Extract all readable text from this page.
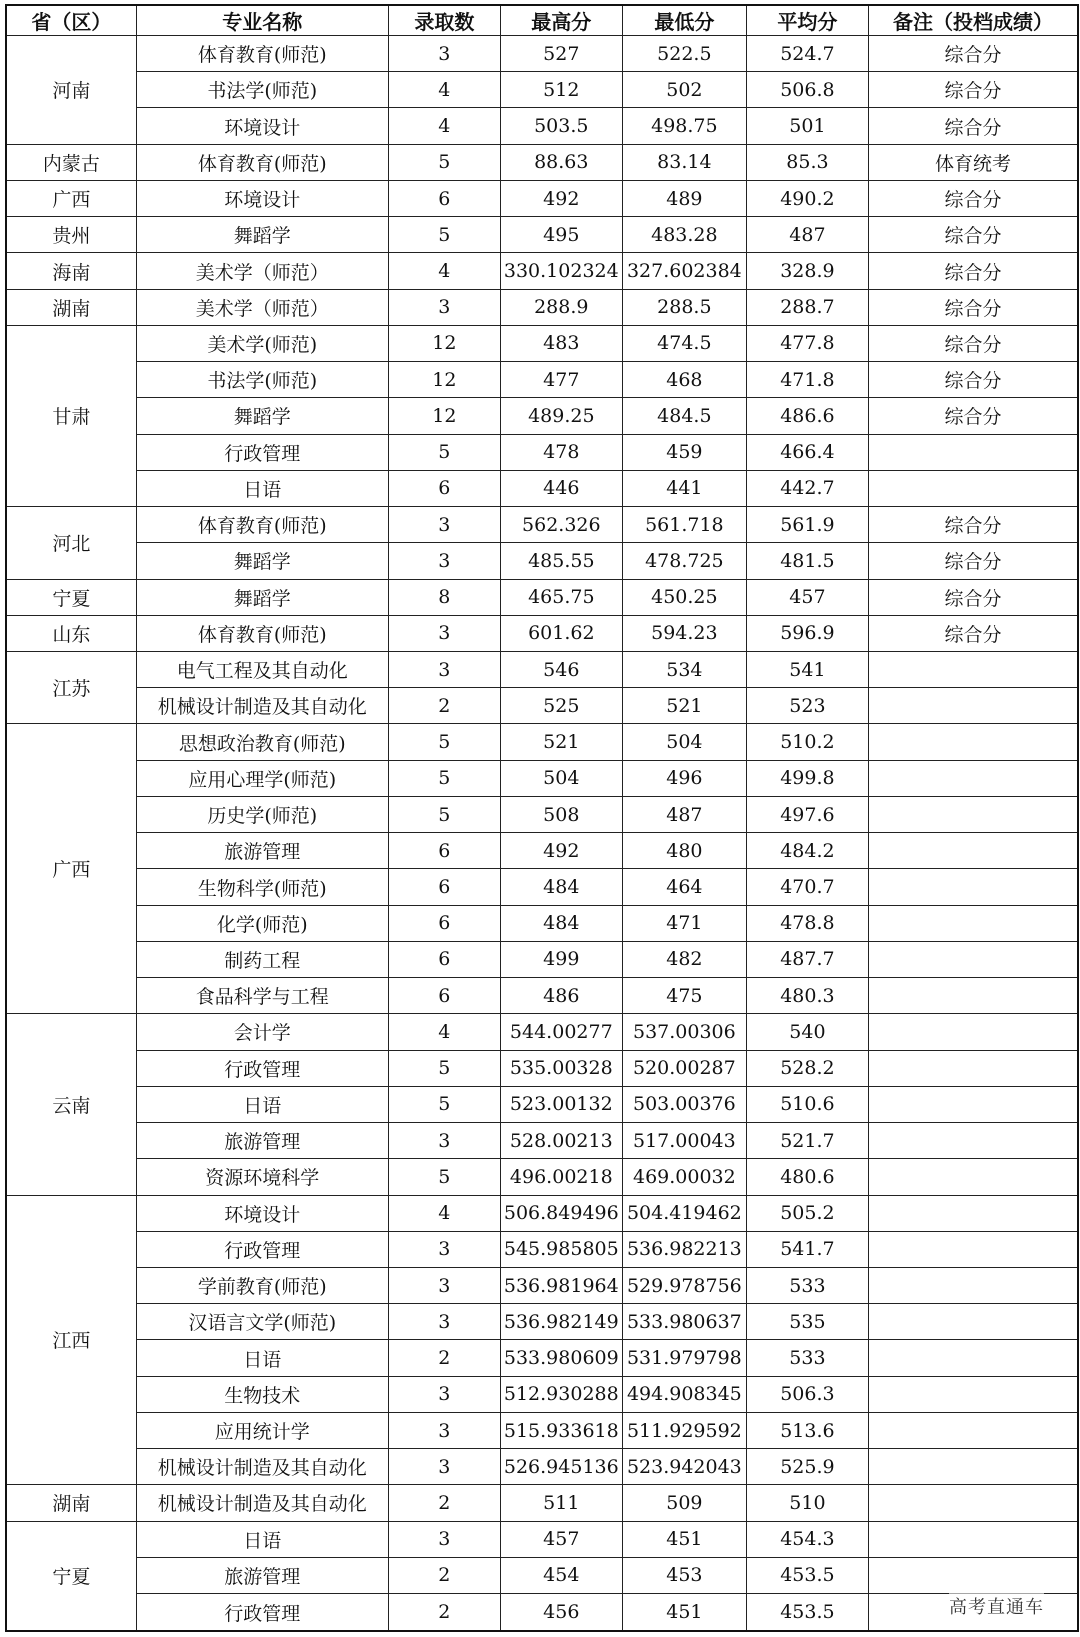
省（区）	专业名称	录取数	最高分	最低分	平均分	备注（投档成绩）
河南	体育教育(师范)	3	527	522.5	524.7	综合分
	书法学(师范)	4	512	502	506.8	综合分
	环境设计	4	503.5	498.75	501	综合分
内蒙古	体育教育(师范)	5	88.63	83.14	85.3	体育统考
广西	环境设计	6	492	489	490.2	综合分
贵州	舞蹈学	5	495	483.28	487	综合分
海南	美术学（师范）	4	330.102324	327.602384	328.9	综合分
湖南	美术学（师范）	3	288.9	288.5	288.7	综合分
甘肃	美术学(师范)	12	483	474.5	477.8	综合分
	书法学(师范)	12	477	468	471.8	综合分
	舞蹈学	12	489.25	484.5	486.6	综合分
	行政管理	5	478	459	466.4	
	日语	6	446	441	442.7	
河北	体育教育(师范)	3	562.326	561.718	561.9	综合分
	舞蹈学	3	485.55	478.725	481.5	综合分
宁夏	舞蹈学	8	465.75	450.25	457	综合分
山东	体育教育(师范)	3	601.62	594.23	596.9	综合分
江苏	电气工程及其自动化	3	546	534	541	
	机械设计制造及其自动化	2	525	521	523	
广西	思想政治教育(师范)	5	521	504	510.2	
	应用心理学(师范)	5	504	496	499.8	
	历史学(师范)	5	508	487	497.6	
	旅游管理	6	492	480	484.2	
	生物科学(师范)	6	484	464	470.7	
	化学(师范)	6	484	471	478.8	
	制药工程	6	499	482	487.7	
	食品科学与工程	6	486	475	480.3	
云南	会计学	4	544.00277	537.00306	540	
	行政管理	5	535.00328	520.00287	528.2	
	日语	5	523.00132	503.00376	510.6	
	旅游管理	3	528.00213	517.00043	521.7	
	资源环境科学	5	496.00218	469.00032	480.6	
江西	环境设计	4	506.849496	504.419462	505.2	
	行政管理	3	545.985805	536.982213	541.7	
	学前教育(师范)	3	536.981964	529.978756	533	
	汉语言文学(师范)	3	536.982149	533.980637	535	
	日语	2	533.980609	531.979798	533	
	生物技术	3	512.930288	494.908345	506.3	
	应用统计学	3	515.933618	511.929592	513.6	
	机械设计制造及其自动化	3	526.945136	523.942043	525.9	
湖南	机械设计制造及其自动化	2	511	509	510	
宁夏	日语	3	457	451	454.3	
	旅游管理	2	454	453	453.5	
	行政管理	2	456	451	453.5		高考直通车
